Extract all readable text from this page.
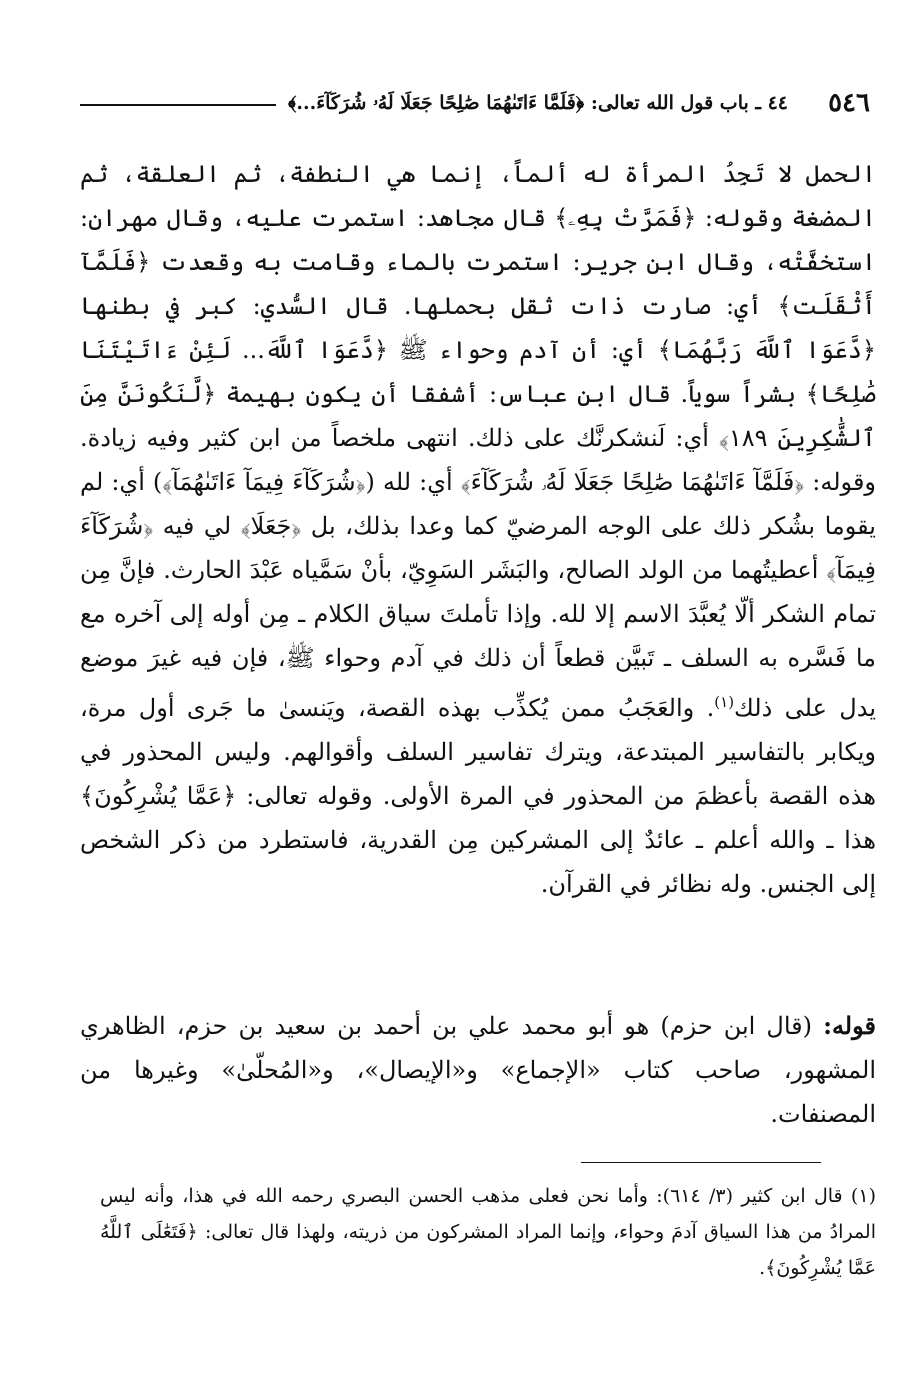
٥٤٦
٤٤ ـ باب قول الله تعالى: ﴿فَلَمَّا ءَاتَىٰهُمَا صَٰلِحًا جَعَلَا لَهُۥ شُرَكَآءَ...﴾

الحمل لا تَجِدُ المرأة له ألماً، إنما هي النطفة، ثم العلقة، ثم المضغة وقوله: ﴿فَمَرَّتْ بِهِۦ﴾ قال مجاهد: استمرت عليه، وقال مهران: استخفَّتْه، وقال ابن جرير: استمرت بالماء وقامت به وقعدت ﴿فَلَمَّآ أَثْقَلَت﴾ أي: صارت ذات ثقل بحملها. قال السُّدي: كبر في بطنها ﴿دَّعَوَا ٱللَّهَ رَبَّهُمَا﴾ أي: أن آدم وحواء ﷺ ﴿دَّعَوَا ٱللَّهَ... لَئِنْ ءَاتَيْتَنَا صَٰلِحًا﴾ بشراً سوياً. قال ابن عباس: أشفقا أن يكون بهيمة ﴿لَّنَكُونَنَّ مِنَ ٱلشَّٰكِرِينَ ١٨٩﴾ أي: لَنشكرنَّك على ذلك. انتهى ملخصاً من ابن كثير وفيه زيادة. وقوله: ﴿فَلَمَّآ ءَاتَىٰهُمَا صَٰلِحًا جَعَلَا لَهُۥ شُرَكَآءَ﴾ أي: لله (﴿شُرَكَآءَ فِيمَآ ءَاتَىٰهُمَآ﴾) أي: لم يقوما بشُكر ذلك على الوجه المرضيّ كما وعدا بذلك، بل ﴿جَعَلَا﴾ لي فيه ﴿شُرَكَآءَ فِيمَآ﴾ أعطيتُهما من الولد الصالح، والبَشَر السَوِيّ، بأنْ سَمَّياه عَبْدَ الحارث. فإنَّ مِن تمام الشكر ألّا يُعبَّدَ الاسم إلا لله. وإذا تأملتَ سياق الكلام ـ مِن أوله إلى آخره مع ما فَسَّره به السلف ـ تَبيَّن قطعاً أن ذلك في آدم وحواء ﷺ، فإن فيه غيرَ موضع يدل على ذلك$^{(١)}$. والعَجَبُ ممن يُكذِّب بهذه القصة، ويَنسىٰ ما جَرى أول مرة، ويكابر بالتفاسير المبتدعة، ويترك تفاسير السلف وأقوالهم. وليس المحذور في هذه القصة بأعظمَ من المحذور في المرة الأولى. وقوله تعالى: ﴿عَمَّا يُشْرِكُونَ﴾ هذا ـ والله أعلم ـ عائدٌ إلى المشركين مِن القدرية، فاستطرد من ذكر الشخص إلى الجنس. وله نظائر في القرآن.

قوله: (قال ابن حزم) هو أبو محمد علي بن أحمد بن سعيد بن حزم، الظاهري المشهور، صاحب كتاب «الإجماع» و«الإيصال»، و«المُحلّىٰ» وغيرها من المصنفات.
(١) قال ابن كثير (٣/ ٦١٤): وأما نحن فعلى مذهب الحسن البصري رحمه الله في هذا، وأنه ليس المرادُ من هذا السياق آدمَ وحواء، وإنما المراد المشركون من ذريته، ولهذا قال تعالى: ﴿فَتَعَٰلَى ٱللَّهُ عَمَّا يُشْرِكُونَ﴾.
